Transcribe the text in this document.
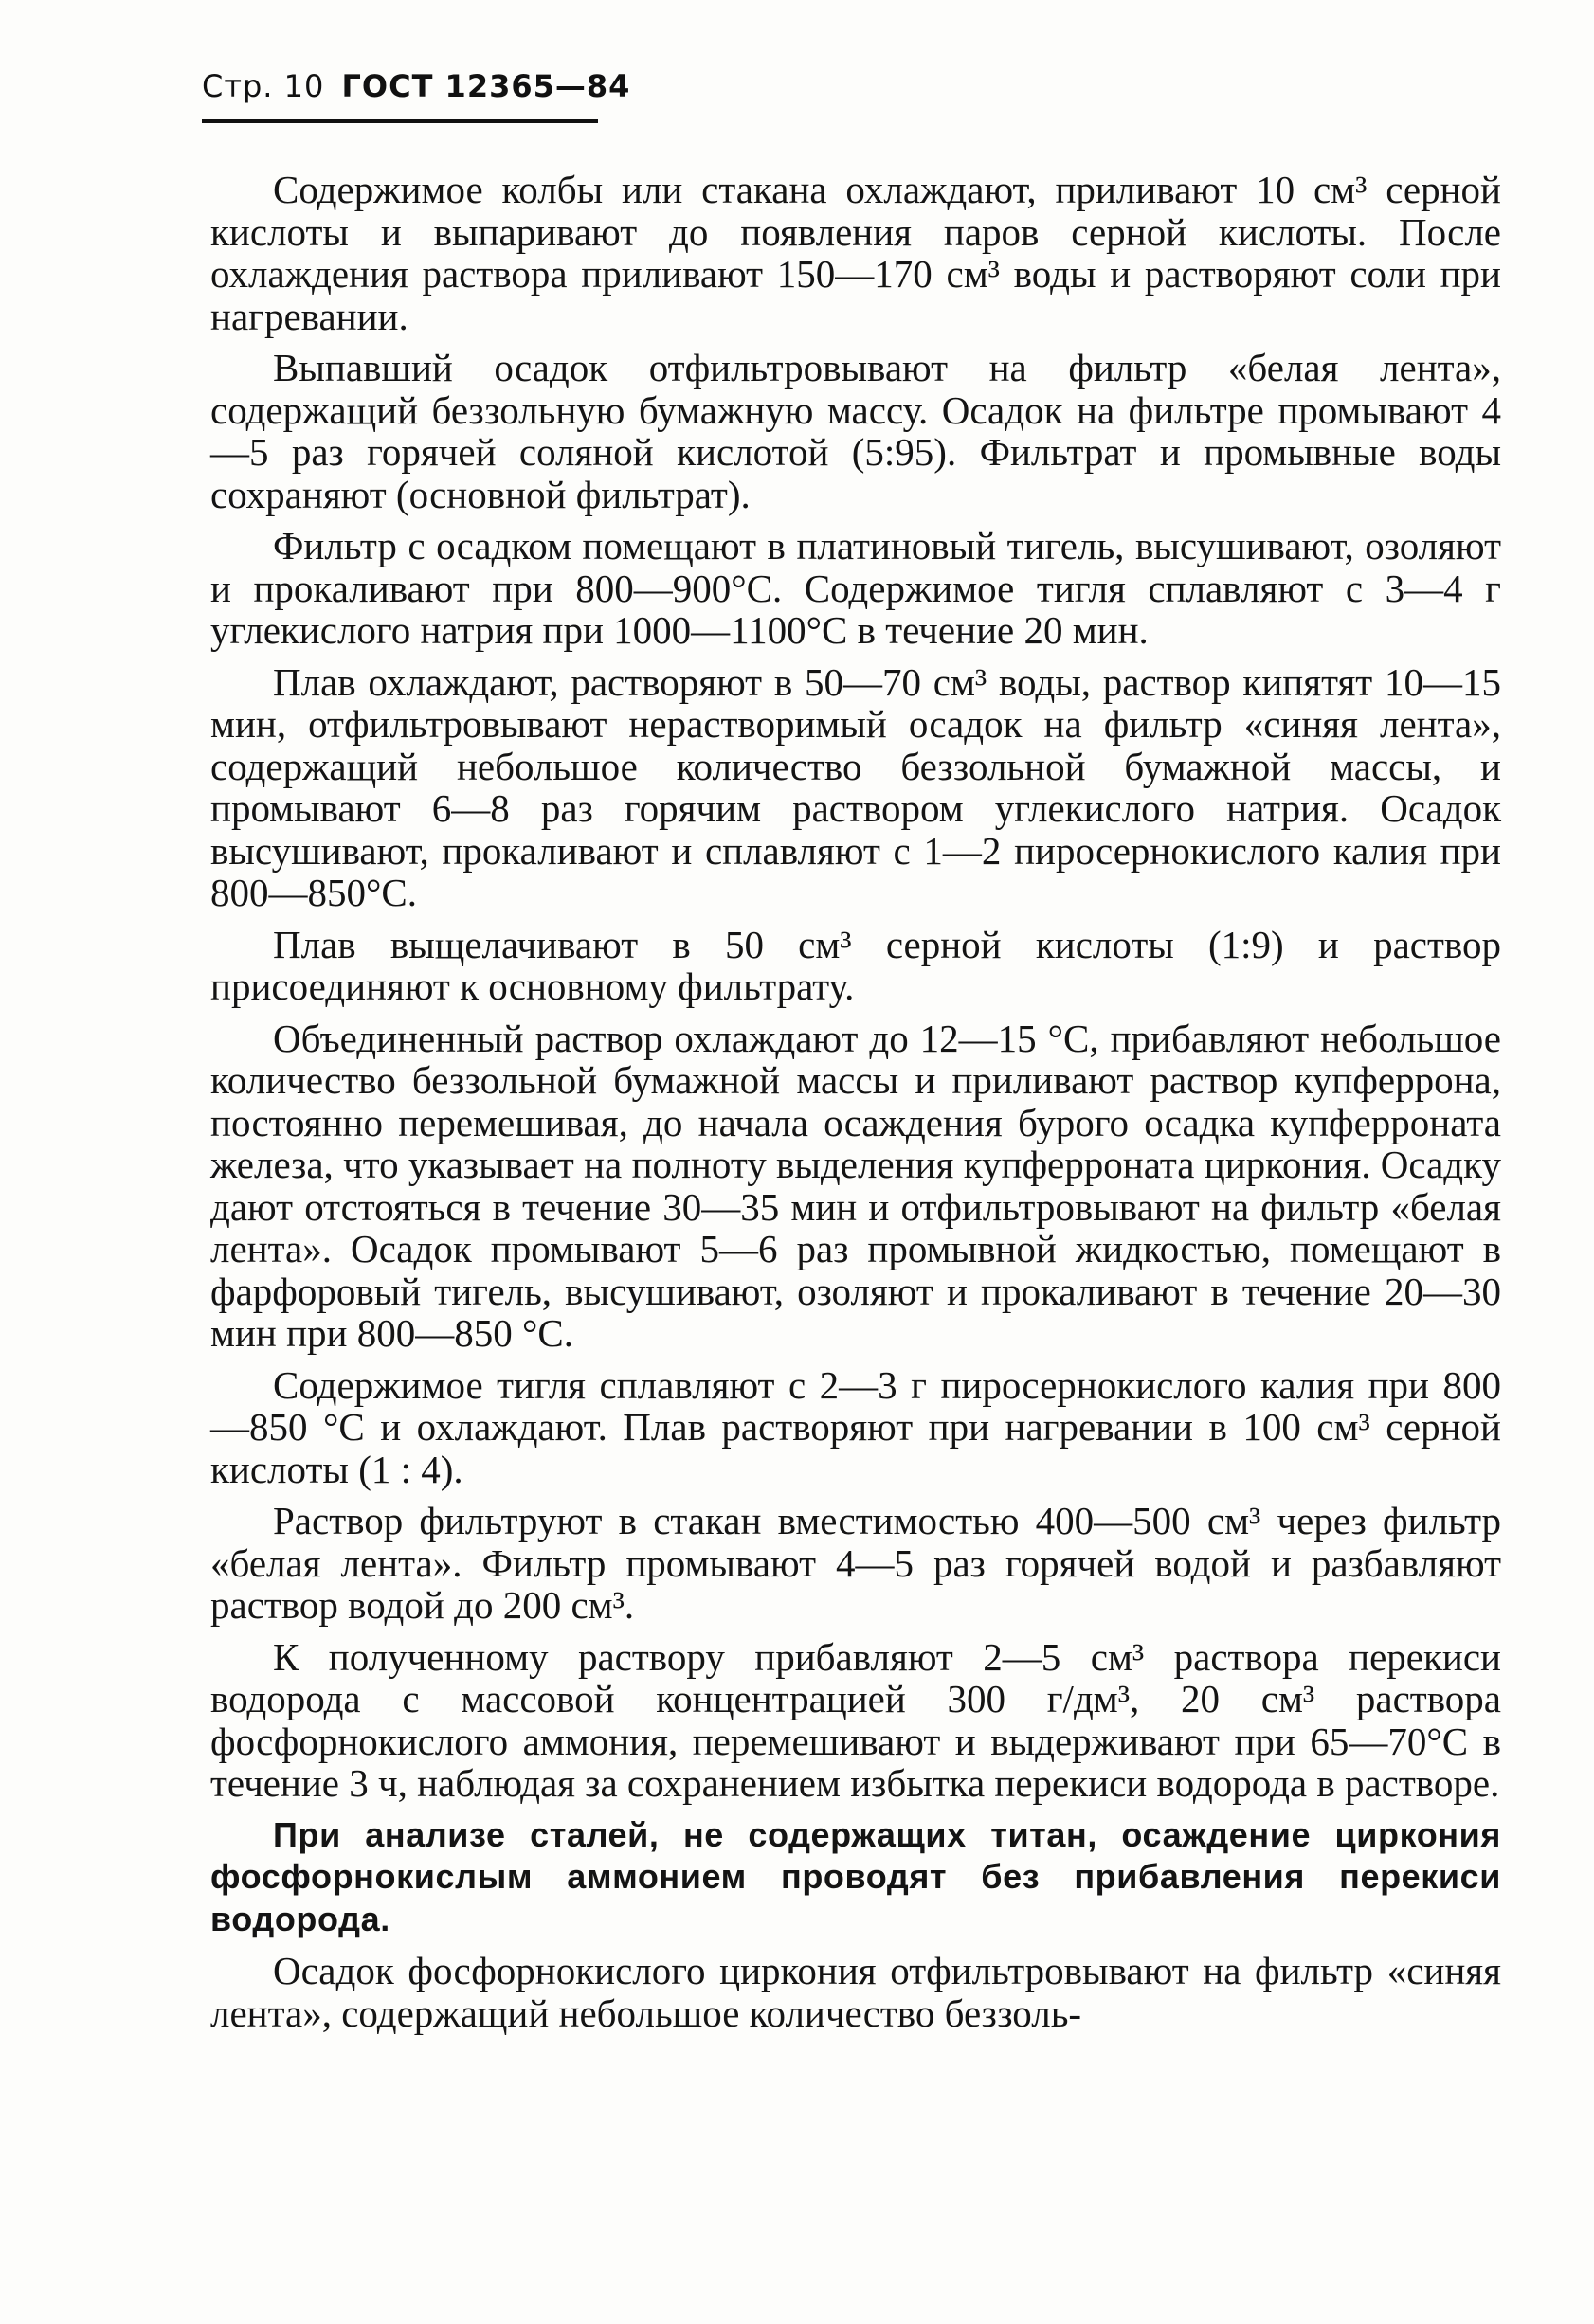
Стр. 10 ГОСТ 12365—84

Содержимое колбы или стакана охлаждают, приливают 10 см³ серной кислоты и выпаривают до появления паров серной кислоты. После охлаждения раствора приливают 150—170 см³ воды и растворяют соли при нагревании.

Выпавший осадок отфильтровывают на фильтр «белая лента», содержащий беззольную бумажную массу. Осадок на фильтре промывают 4—5 раз горячей соляной кислотой (5:95). Фильтрат и промывные воды сохраняют (основной фильтрат).

Фильтр с осадком помещают в платиновый тигель, высушивают, озоляют и прокаливают при 800—900°С. Содержимое тигля сплавляют с 3—4 г углекислого натрия при 1000—1100°С в течение 20 мин.

Плав охлаждают, растворяют в 50—70 см³ воды, раствор кипятят 10—15 мин, отфильтровывают нерастворимый осадок на фильтр «синяя лента», содержащий небольшое количество беззольной бумажной массы, и промывают 6—8 раз горячим раствором углекислого натрия. Осадок высушивают, прокаливают и сплавляют с 1—2 пиросернокислого калия при 800—850°С.

Плав выщелачивают в 50 см³ серной кислоты (1:9) и раствор присоединяют к основному фильтрату.

Объединенный раствор охлаждают до 12—15 °С, прибавляют небольшое количество беззольной бумажной массы и приливают раствор купферрона, постоянно перемешивая, до начала осаждения бурого осадка купферроната железа, что указывает на полноту выделения купферроната циркония. Осадку дают отстояться в течение 30—35 мин и отфильтровывают на фильтр «белая лента». Осадок промывают 5—6 раз промывной жидкостью, помещают в фарфоровый тигель, высушивают, озоляют и прокаливают в течение 20—30 мин при 800—850 °С.

Содержимое тигля сплавляют с 2—3 г пиросернокислого калия при 800—850 °С и охлаждают. Плав растворяют при нагревании в 100 см³ серной кислоты (1 : 4).

Раствор фильтруют в стакан вместимостью 400—500 см³ через фильтр «белая лента». Фильтр промывают 4—5 раз горячей водой и разбавляют раствор водой до 200 см³.

К полученному раствору прибавляют 2—5 см³ раствора перекиси водорода с массовой концентрацией 300 г/дм³, 20 см³ раствора фосфорнокислого аммония, перемешивают и выдерживают при 65—70°С в течение 3 ч, наблюдая за сохранением избытка перекиси водорода в растворе.

При анализе сталей, не содержащих титан, осаждение циркония фосфорнокислым аммонием проводят без прибавления перекиси водорода.

Осадок фосфорнокислого циркония отфильтровывают на фильтр «синяя лента», содержащий небольшое количество беззоль-
